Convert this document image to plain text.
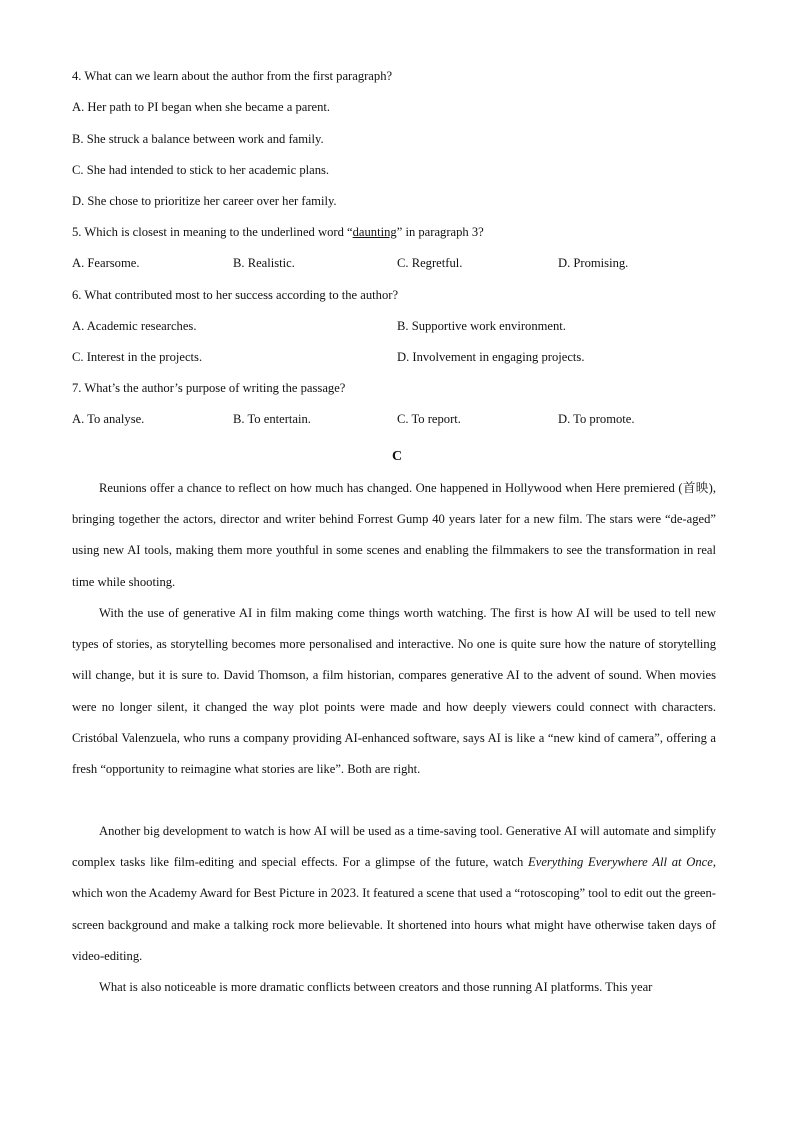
4. What can we learn about the author from the first paragraph?
A. Her path to PI began when she became a parent.
B. She struck a balance between work and family.
C. She had intended to stick to her academic plans.
D. She chose to prioritize her career over her family.
5. Which is closest in meaning to the underlined word “daunting” in paragraph 3?
A. Fearsome.	B. Realistic.	C. Regretful.	D. Promising.
6. What contributed most to her success according to the author?
A. Academic researches.	B. Supportive work environment.
C. Interest in the projects.	D. Involvement in engaging projects.
7. What’s the author’s purpose of writing the passage?
A. To analyse.	B. To entertain.	C. To report.	D. To promote.
C
Reunions offer a chance to reflect on how much has changed. One happened in Hollywood when Here premiered (首映), bringing together the actors, director and writer behind Forrest Gump 40 years later for a new film. The stars were “de-aged” using new AI tools, making them more youthful in some scenes and enabling the filmmakers to see the transformation in real time while shooting.
With the use of generative AI in film making come things worth watching. The first is how AI will be used to tell new types of stories, as storytelling becomes more personalised and interactive. No one is quite sure how the nature of storytelling will change, but it is sure to. David Thomson, a film historian, compares generative AI to the advent of sound. When movies were no longer silent, it changed the way plot points were made and how deeply viewers could connect with characters. Cristóbal Valenzuela, who runs a company providing AI-enhanced software, says AI is like a “new kind of camera”, offering a fresh “opportunity to reimagine what stories are like”. Both are right.
Another big development to watch is how AI will be used as a time-saving tool. Generative AI will automate and simplify complex tasks like film-editing and special effects. For a glimpse of the future, watch Everything Everywhere All at Once, which won the Academy Award for Best Picture in 2023. It featured a scene that used a “rotoscoping” tool to edit out the green-screen background and make a talking rock more believable. It shortened into hours what might have otherwise taken days of video-editing.
What is also noticeable is more dramatic conflicts between creators and those running AI platforms. This year
